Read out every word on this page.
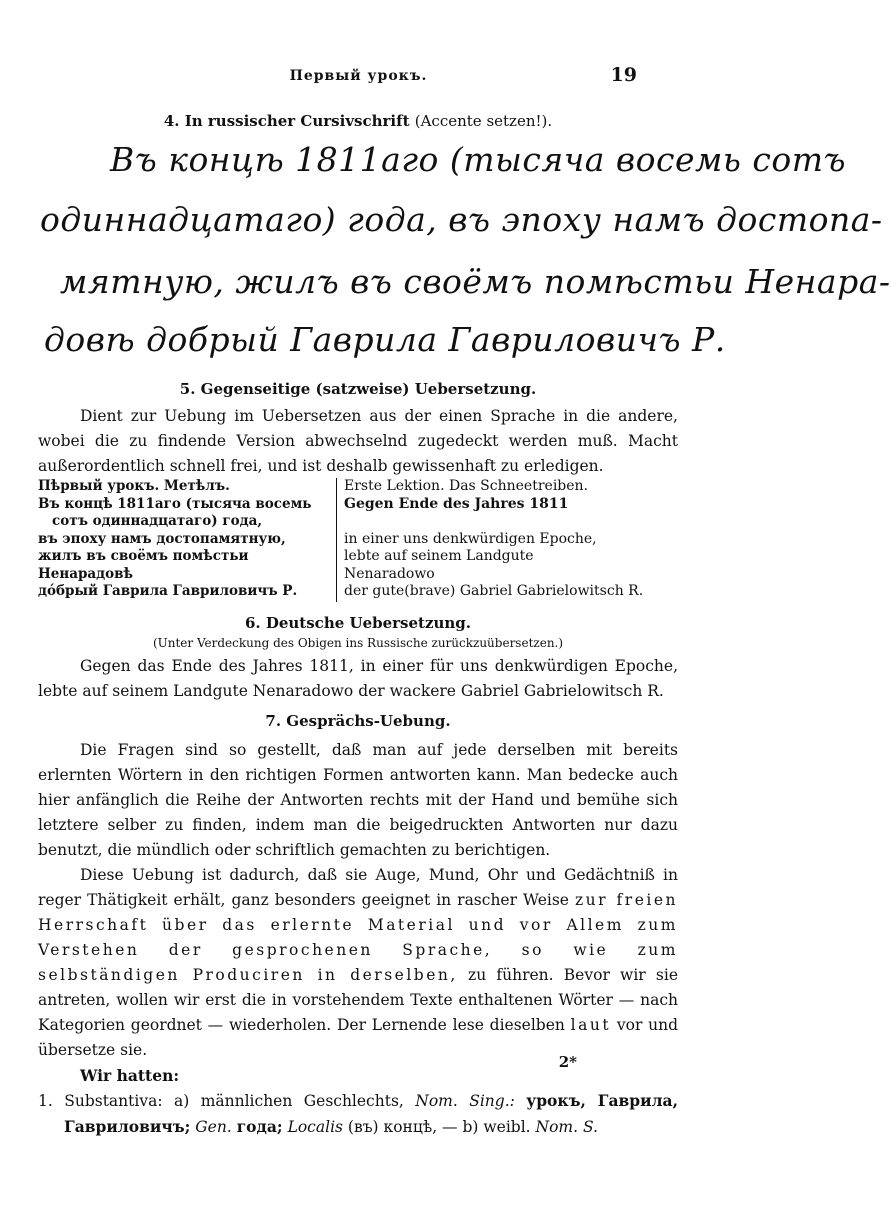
Первый урокъ.	19
4. In russischer Cursivschrift (Accente setzen!).
Въ концѣ 1811аго (тысяча восемь сотъ
одиннадцатаго) года, въ эпоху намъ достопа-
мятную, жилъ въ своёмъ помѣстьи Ненара-
довѣ добрый Гаврила Гавриловичъ Р.
5. Gegenseitige (satzweise) Uebersetzung.

Dient zur Uebung im Uebersetzen aus der einen Sprache in die andere, wobei die zu findende Version abwechselnd zugedeckt werden muß. Macht außerordentlich schnell frei, und ist deshalb gewissenhaft zu erledigen.

Пѣрвый урокъ. Метѣлъ.
Въ концѣ 1811аго (тысяча восемь
сотъ одиннадцатаго) года,
въ эпоху намъ достопамятную,
жилъ въ своёмъ помѣстьи
Ненарадовѣ
дóбрый Гаврила Гавриловичъ Р.
Erste Lektion. Das Schneetreiben.
Gegen Ende des Jahres 1811
in einer uns denkwürdigen Epoche,
lebte auf seinem Landgute
Nenaradowo
der gute(brave) Gabriel Gabrielowitsch R.
6. Deutsche Uebersetzung.
(Unter Verdeckung des Obigen ins Russische zurückzuübersetzen.)

Gegen das Ende des Jahres 1811, in einer für uns denkwürdigen Epoche, lebte auf seinem Landgute Nenaradowo der wackere Gabriel Gabrielowitsch R.

7. Gesprächs-Uebung.

Die Fragen sind so gestellt, daß man auf jede derselben mit bereits erlernten Wörtern in den richtigen Formen antworten kann. Man bedecke auch hier anfänglich die Reihe der Antworten rechts mit der Hand und bemühe sich letztere selber zu finden, indem man die beigedruckten Antworten nur dazu benutzt, die mündlich oder schriftlich gemachten zu berichtigen.

Diese Uebung ist dadurch, daß sie Auge, Mund, Ohr und Gedächtniß in reger Thätigkeit erhält, ganz besonders geeignet in rascher Weise zur freien Herrschaft über das erlernte Material und vor Allem zum Verstehen der gesprochenen Sprache, so wie zum selbständigen Produciren in derselben, zu führen. Bevor wir sie antreten, wollen wir erst die in vorstehendem Texte enthaltenen Wörter — nach Kategorien geordnet — wiederholen. Der Lernende lese dieselben laut vor und übersetze sie.

Wir hatten:

1. Substantiva: a) männlichen Geschlechts, Nom. Sing.: урокъ, Гаврила, Гавриловичъ; Gen. года; Localis (въ) концѣ, — b) weibl. Nom. S.

2*
